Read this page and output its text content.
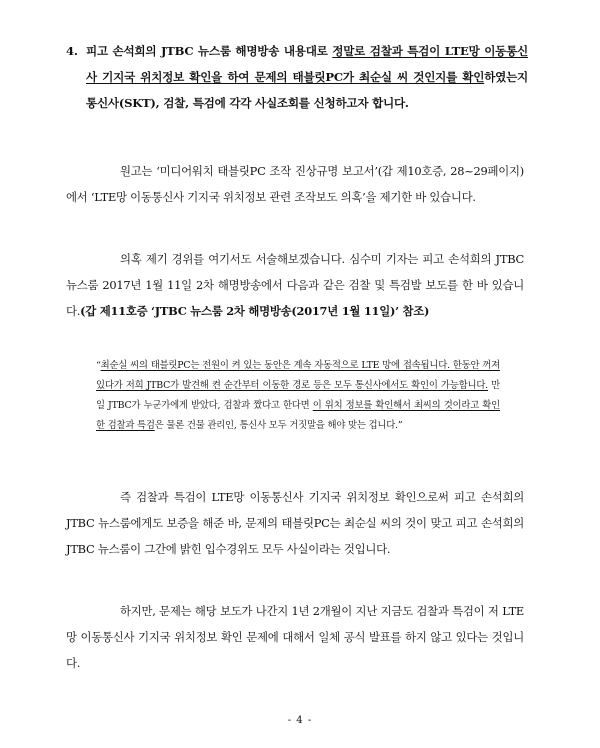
4. 피고 손석희의 JTBC 뉴스룸 해명방송 내용대로 정말로 검찰과 특검이 LTE망 이동통신사 기지국 위치정보 확인을 하여 문제의 태블릿PC가 최순실 씨 것인지를 확인하였는지 통신사(SKT), 검찰, 특검에 각각 사실조회를 신청하고자 합니다.

원고는 ‘미디어워치 태블릿PC 조작 진상규명 보고서’(갑 제10호증, 28~29페이지)에서 ‘LTE망 이동통신사 기지국 위치정보 관련 조작보도 의혹’을 제기한 바 있습니다.

의혹 제기 경위를 여기서도 서술해보겠습니다. 심수미 기자는 피고 손석희의 JTBC 뉴스룸 2017년 1월 11일 2차 해명방송에서 다음과 같은 검찰 및 특검발 보도를 한 바 있습니다.(갑 제11호증 ‘JTBC 뉴스룸 2차 해명방송(2017년 1월 11일)’ 참조)

“최순실 씨의 태블릿PC는 전원이 켜 있는 동안은 계속 자동적으로 LTE 망에 접속됩니다. 한동안 꺼져 있다가 저희 JTBC가 발견해 켠 순간부터 이동한 경로 등은 모두 통신사에서도 확인이 가능합니다. 만일 JTBC가 누군가에게 받았다, 검찰과 짰다고 한다면 이 위치 정보를 확인해서 최씨의 것이라고 확인한 검찰과 특검은 물론 건물 관리인, 통신사 모두 거짓말을 해야 맞는 겁니다.”

즉 검찰과 특검이 LTE망 이동통신사 기지국 위치정보 확인으로써 피고 손석희의 JTBC 뉴스룸에게도 보증을 해준 바, 문제의 태블릿PC는 최순실 씨의 것이 맞고 피고 손석희의 JTBC 뉴스룸이 그간에 밝힌 입수경위도 모두 사실이라는 것입니다.

하지만, 문제는 해당 보도가 나간지 1년 2개월이 지난 지금도 검찰과 특검이 저 LTE망 이동통신사 기지국 위치정보 확인 문제에 대해서 일체 공식 발표를 하지 않고 있다는 것입니다.

- 4 -
